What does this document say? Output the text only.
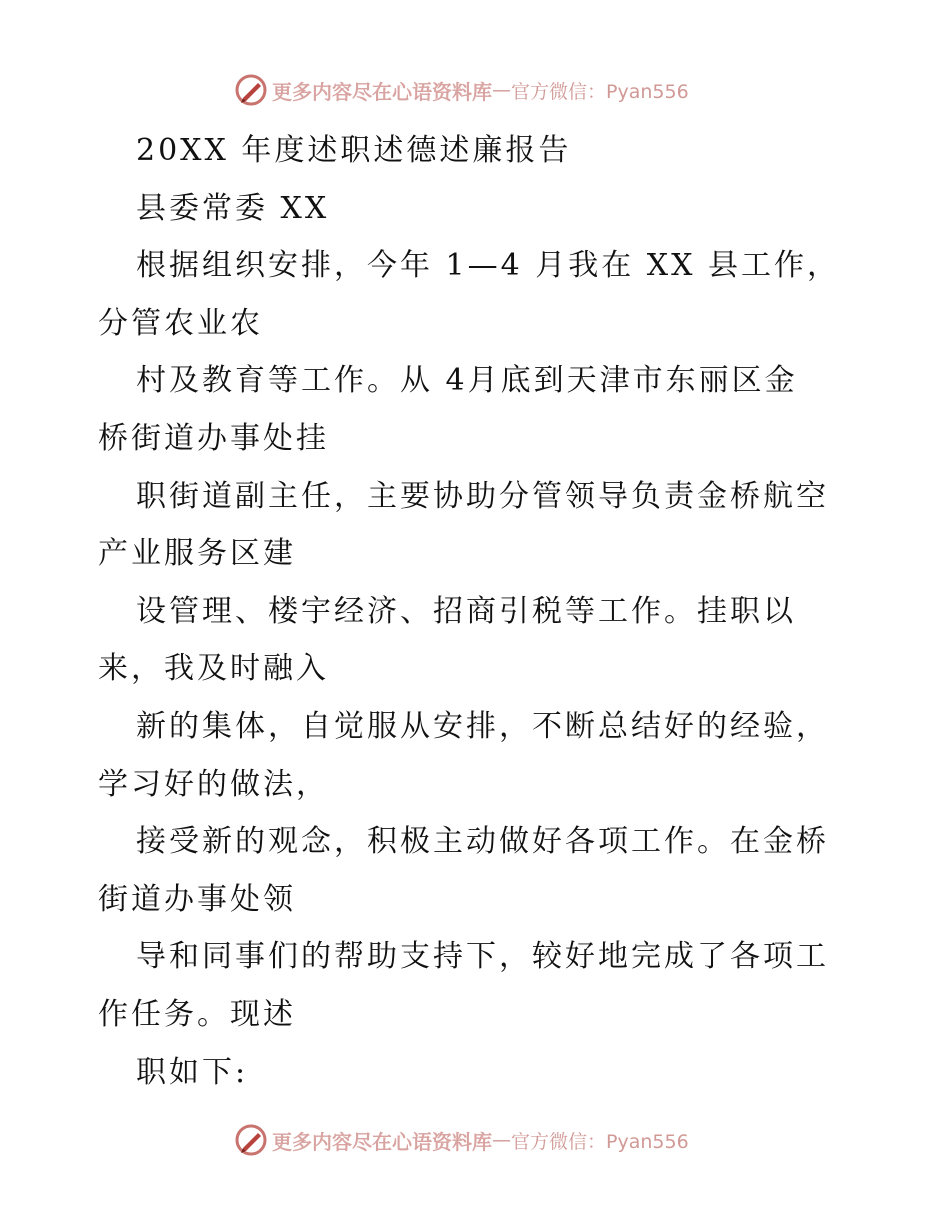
更多内容尽在心语资料库 — 官方微信：Pyan556
20XX 年度述职述德述廉报告
县委常委 XX
根据组织安排，今年 1—4 月我在 XX 县工作，
分管农业农
村及教育等工作。从 4月底到天津市东丽区金
桥街道办事处挂
职街道副主任，主要协助分管领导负责金桥航空
产业服务区建
设管理、楼宇经济、招商引税等工作。挂职以
来，我及时融入
新的集体，自觉服从安排，不断总结好的经验，
学习好的做法，
接受新的观念，积极主动做好各项工作。在金桥
街道办事处领
导和同事们的帮助支持下，较好地完成了各项工
作任务。现述
职如下:
更多内容尽在心语资料库 — 官方微信：Pyan556
